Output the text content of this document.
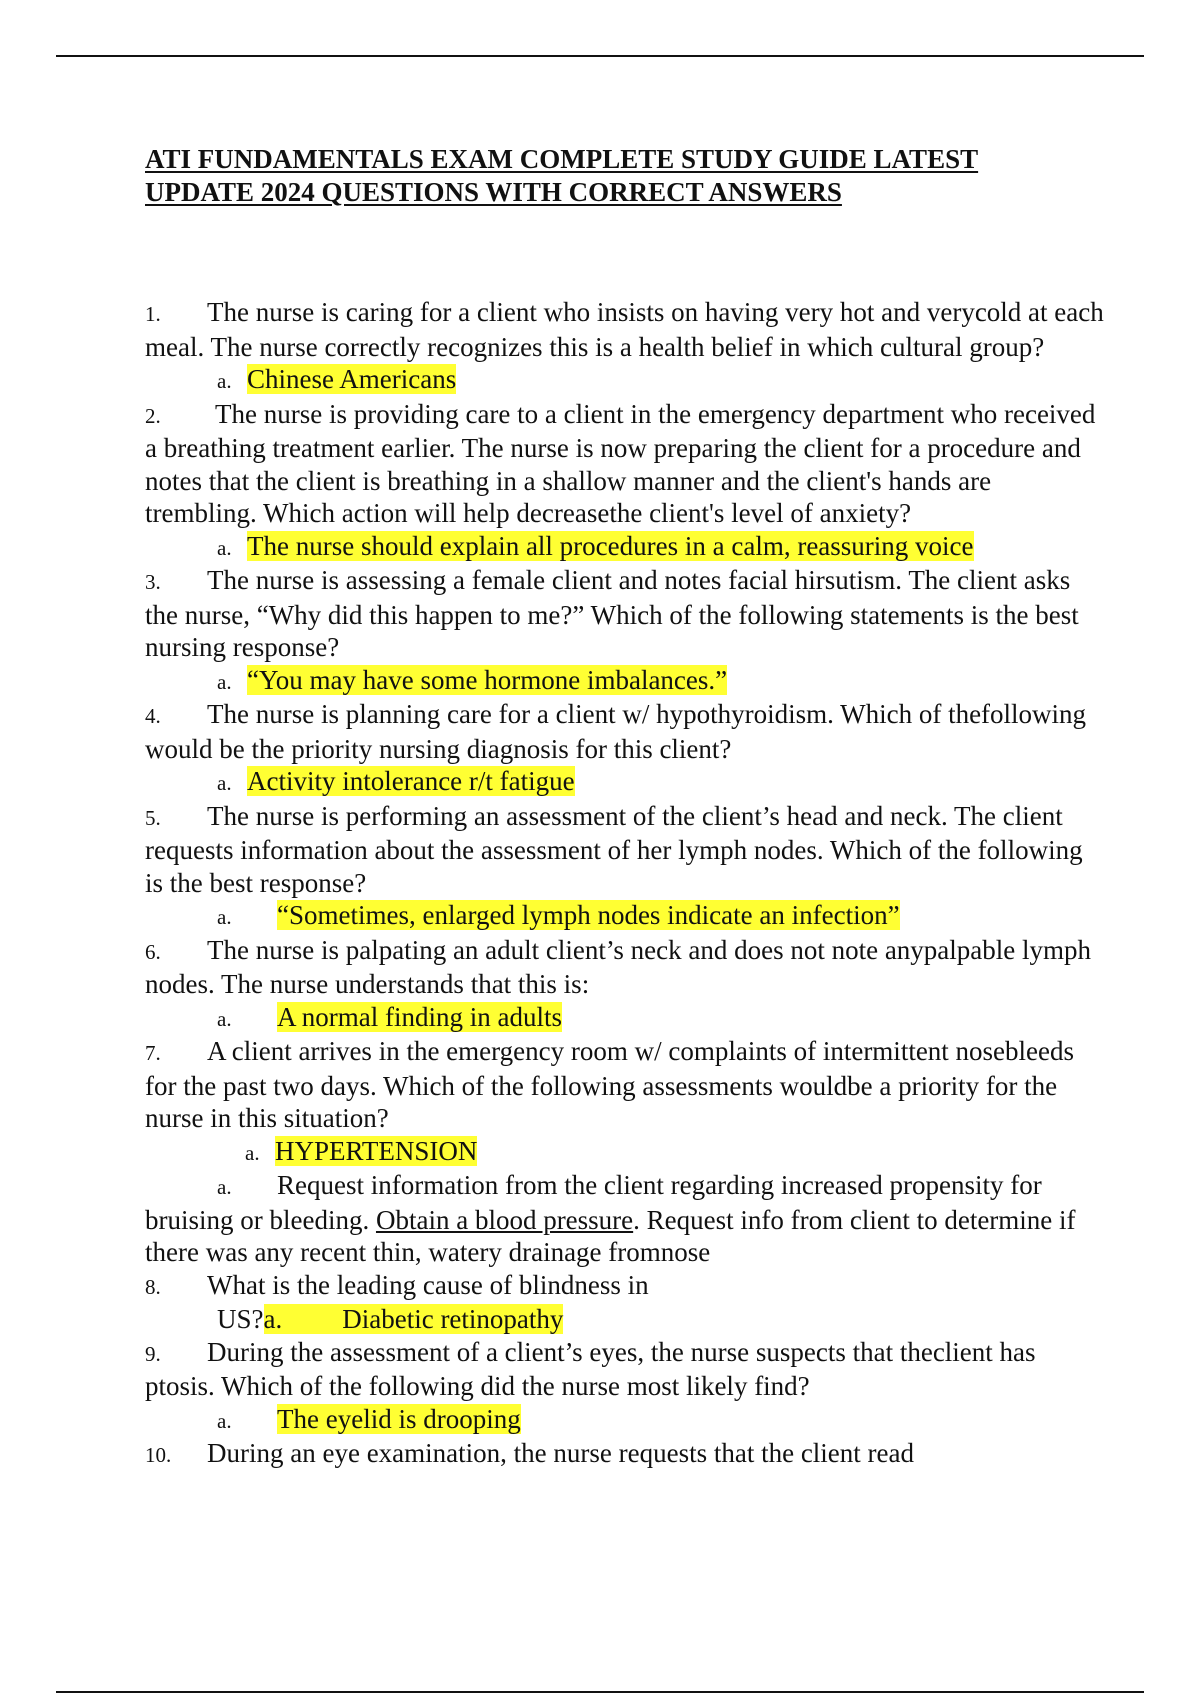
ATI FUNDAMENTALS EXAM COMPLETE STUDY GUIDE LATEST
UPDATE 2024 QUESTIONS WITH CORRECT ANSWERS

1. The nurse is caring for a client who insists on having very hot and verycold at each meal. The nurse correctly recognizes this is a health belief in which cultural group?

a. Chinese Americans

2. The nurse is providing care to a client in the emergency department who received a breathing treatment earlier. The nurse is now preparing the client for a procedure and notes that the client is breathing in a shallow manner and the client's hands are trembling. Which action will help decreasethe client's level of anxiety?

a. The nurse should explain all procedures in a calm, reassuring voice

3. The nurse is assessing a female client and notes facial hirsutism. The client asks the nurse, “Why did this happen to me?” Which of the following statements is the best nursing response?

a. “You may have some hormone imbalances.”

4. The nurse is planning care for a client w/ hypothyroidism. Which of thefollowing would be the priority nursing diagnosis for this client?

a. Activity intolerance r/t fatigue

5. The nurse is performing an assessment of the client’s head and neck. The client requests information about the assessment of her lymph nodes. Which of the following is the best response?

a. “Sometimes, enlarged lymph nodes indicate an infection”

6. The nurse is palpating an adult client’s neck and does not note anypalpable lymph nodes. The nurse understands that this is:

a. A normal finding in adults

7. A client arrives in the emergency room w/ complaints of intermittent nosebleeds for the past two days. Which of the following assessments wouldbe a priority for the nurse in this situation?

a. HYPERTENSION

a. Request information from the client regarding increased propensity for bruising or bleeding. Obtain a blood pressure. Request info from client to determine if there was any recent thin, watery drainage fromnose

8. What is the leading cause of blindness in

US?a. Diabetic retinopathy

9. During the assessment of a client’s eyes, the nurse suspects that theclient has ptosis. Which of the following did the nurse most likely find?

a. The eyelid is drooping

10. During an eye examination, the nurse requests that the client read
